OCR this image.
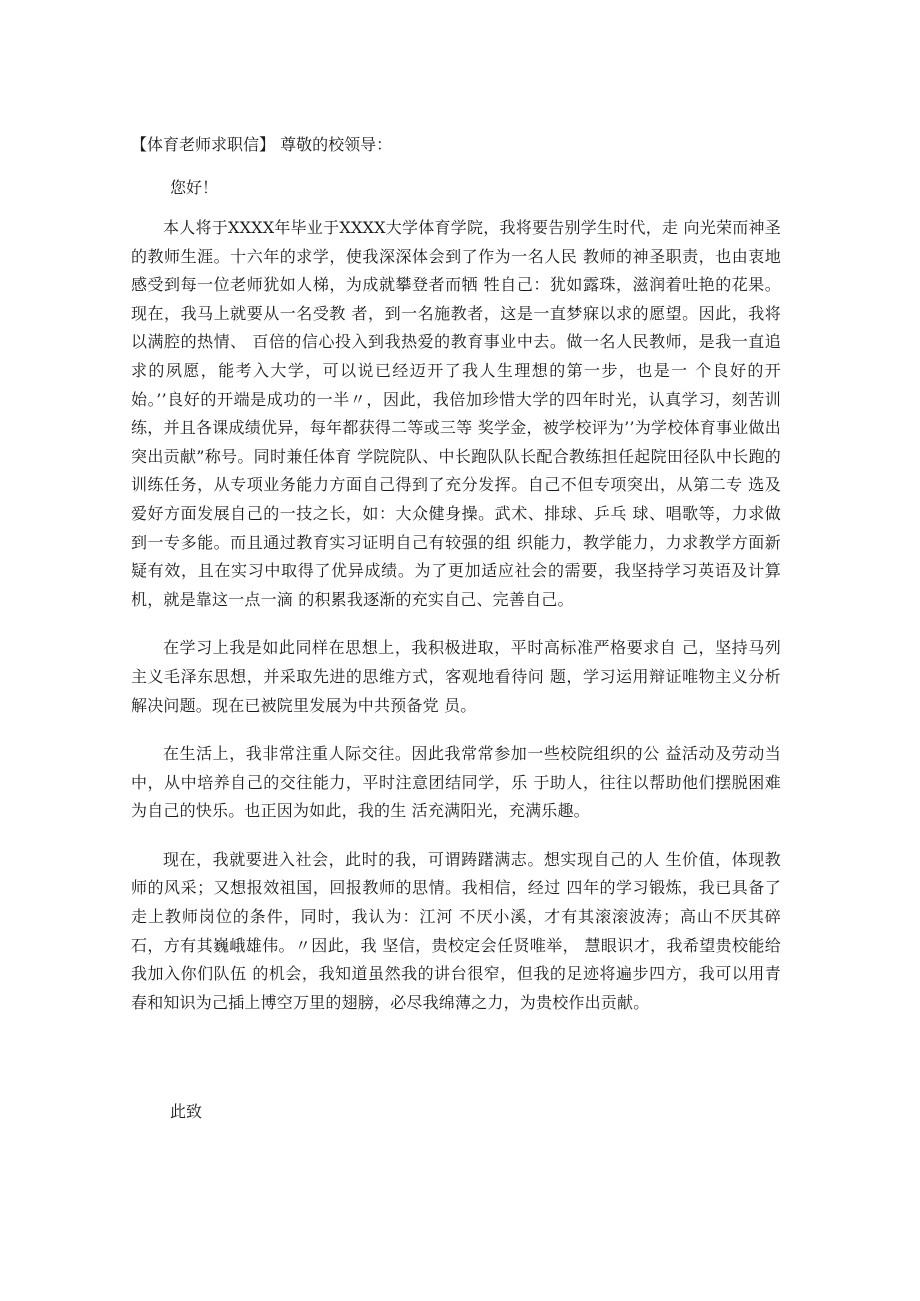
【体育老师求职信】 尊敬的校领导：
您好！

本人将于XXXX年毕业于XXXX大学体育学院，我将要告别学生时代，走 向光荣而神圣的教师生涯。十六年的求学，使我深深体会到了作为一名人民 教师的神圣职责，也由衷地感受到每一位老师犹如人梯，为成就攀登者而牺 牲自己：犹如露珠，滋润着吐艳的花果。现在，我马上就要从一名受教 者，到一名施教者，这是一直梦寐以求的愿望。因此，我将以满腔的热情、 百倍的信心投入到我热爱的教育事业中去。做一名人民教师，是我一直追 求的夙愿，能考入大学，可以说已经迈开了我人生理想的第一步，也是一 个良好的开始。’’良好的开端是成功的一半〃，因此，我倍加珍惜大学的四年时光，认真学习，刻苦训练，并且各课成绩优异，每年都获得二等或三等 奖学金，被学校评为’’为学校体育事业做出突出贡献”称号。同时兼任体育 学院院队、中长跑队队长配合教练担任起院田径队中长跑的训练任务，从专项业务能力方面自己得到了充分发挥。自己不但专项突出，从第二专 选及爱好方面发展自己的一技之长，如：大众健身操。武术、排球、乒乓 球、唱歌等，力求做到一专多能。而且通过教育实习证明自己有较强的组 织能力，教学能力，力求教学方面新疑有效，且在实习中取得了优异成绩。为了更加适应社会的需要，我坚持学习英语及计算机，就是靠这一点一滴 的积累我逐渐的充实自己、完善自己。

在学习上我是如此同样在思想上，我积极进取，平时高标准严格要求自 己，坚持马列主义毛泽东思想，并采取先进的思维方式，客观地看待问 题，学习运用辩证唯物主义分析解决问题。现在已被院里发展为中共预备党 员。

在生活上，我非常注重人际交往。因此我常常参加一些校院组织的公 益活动及劳动当中，从中培养自己的交往能力，平时注意团结同学，乐 于助人，往往以帮助他们摆脱困难为自己的快乐。也正因为如此，我的生 活充满阳光，充满乐趣。

现在，我就要进入社会，此时的我，可谓踌躇满志。想实现自己的人 生价值，体现教师的风采；又想报效祖国，回报教师的思情。我相信，经过 四年的学习锻炼，我已具备了走上教师岗位的条件，同时，我认为：江河 不厌小溪，才有其滚滚波涛；高山不厌其碎石，方有其巍峨雄伟。〃因此，我 坚信，贵校定会任贤唯举， 慧眼识才，我希望贵校能给我加入你们队伍 的机会，我知道虽然我的讲台很窄，但我的足迹将遍步四方，我可以用青 春和知识为己插上博空万里的翅膀，必尽我绵薄之力，为贵校作出贡献。

此致
